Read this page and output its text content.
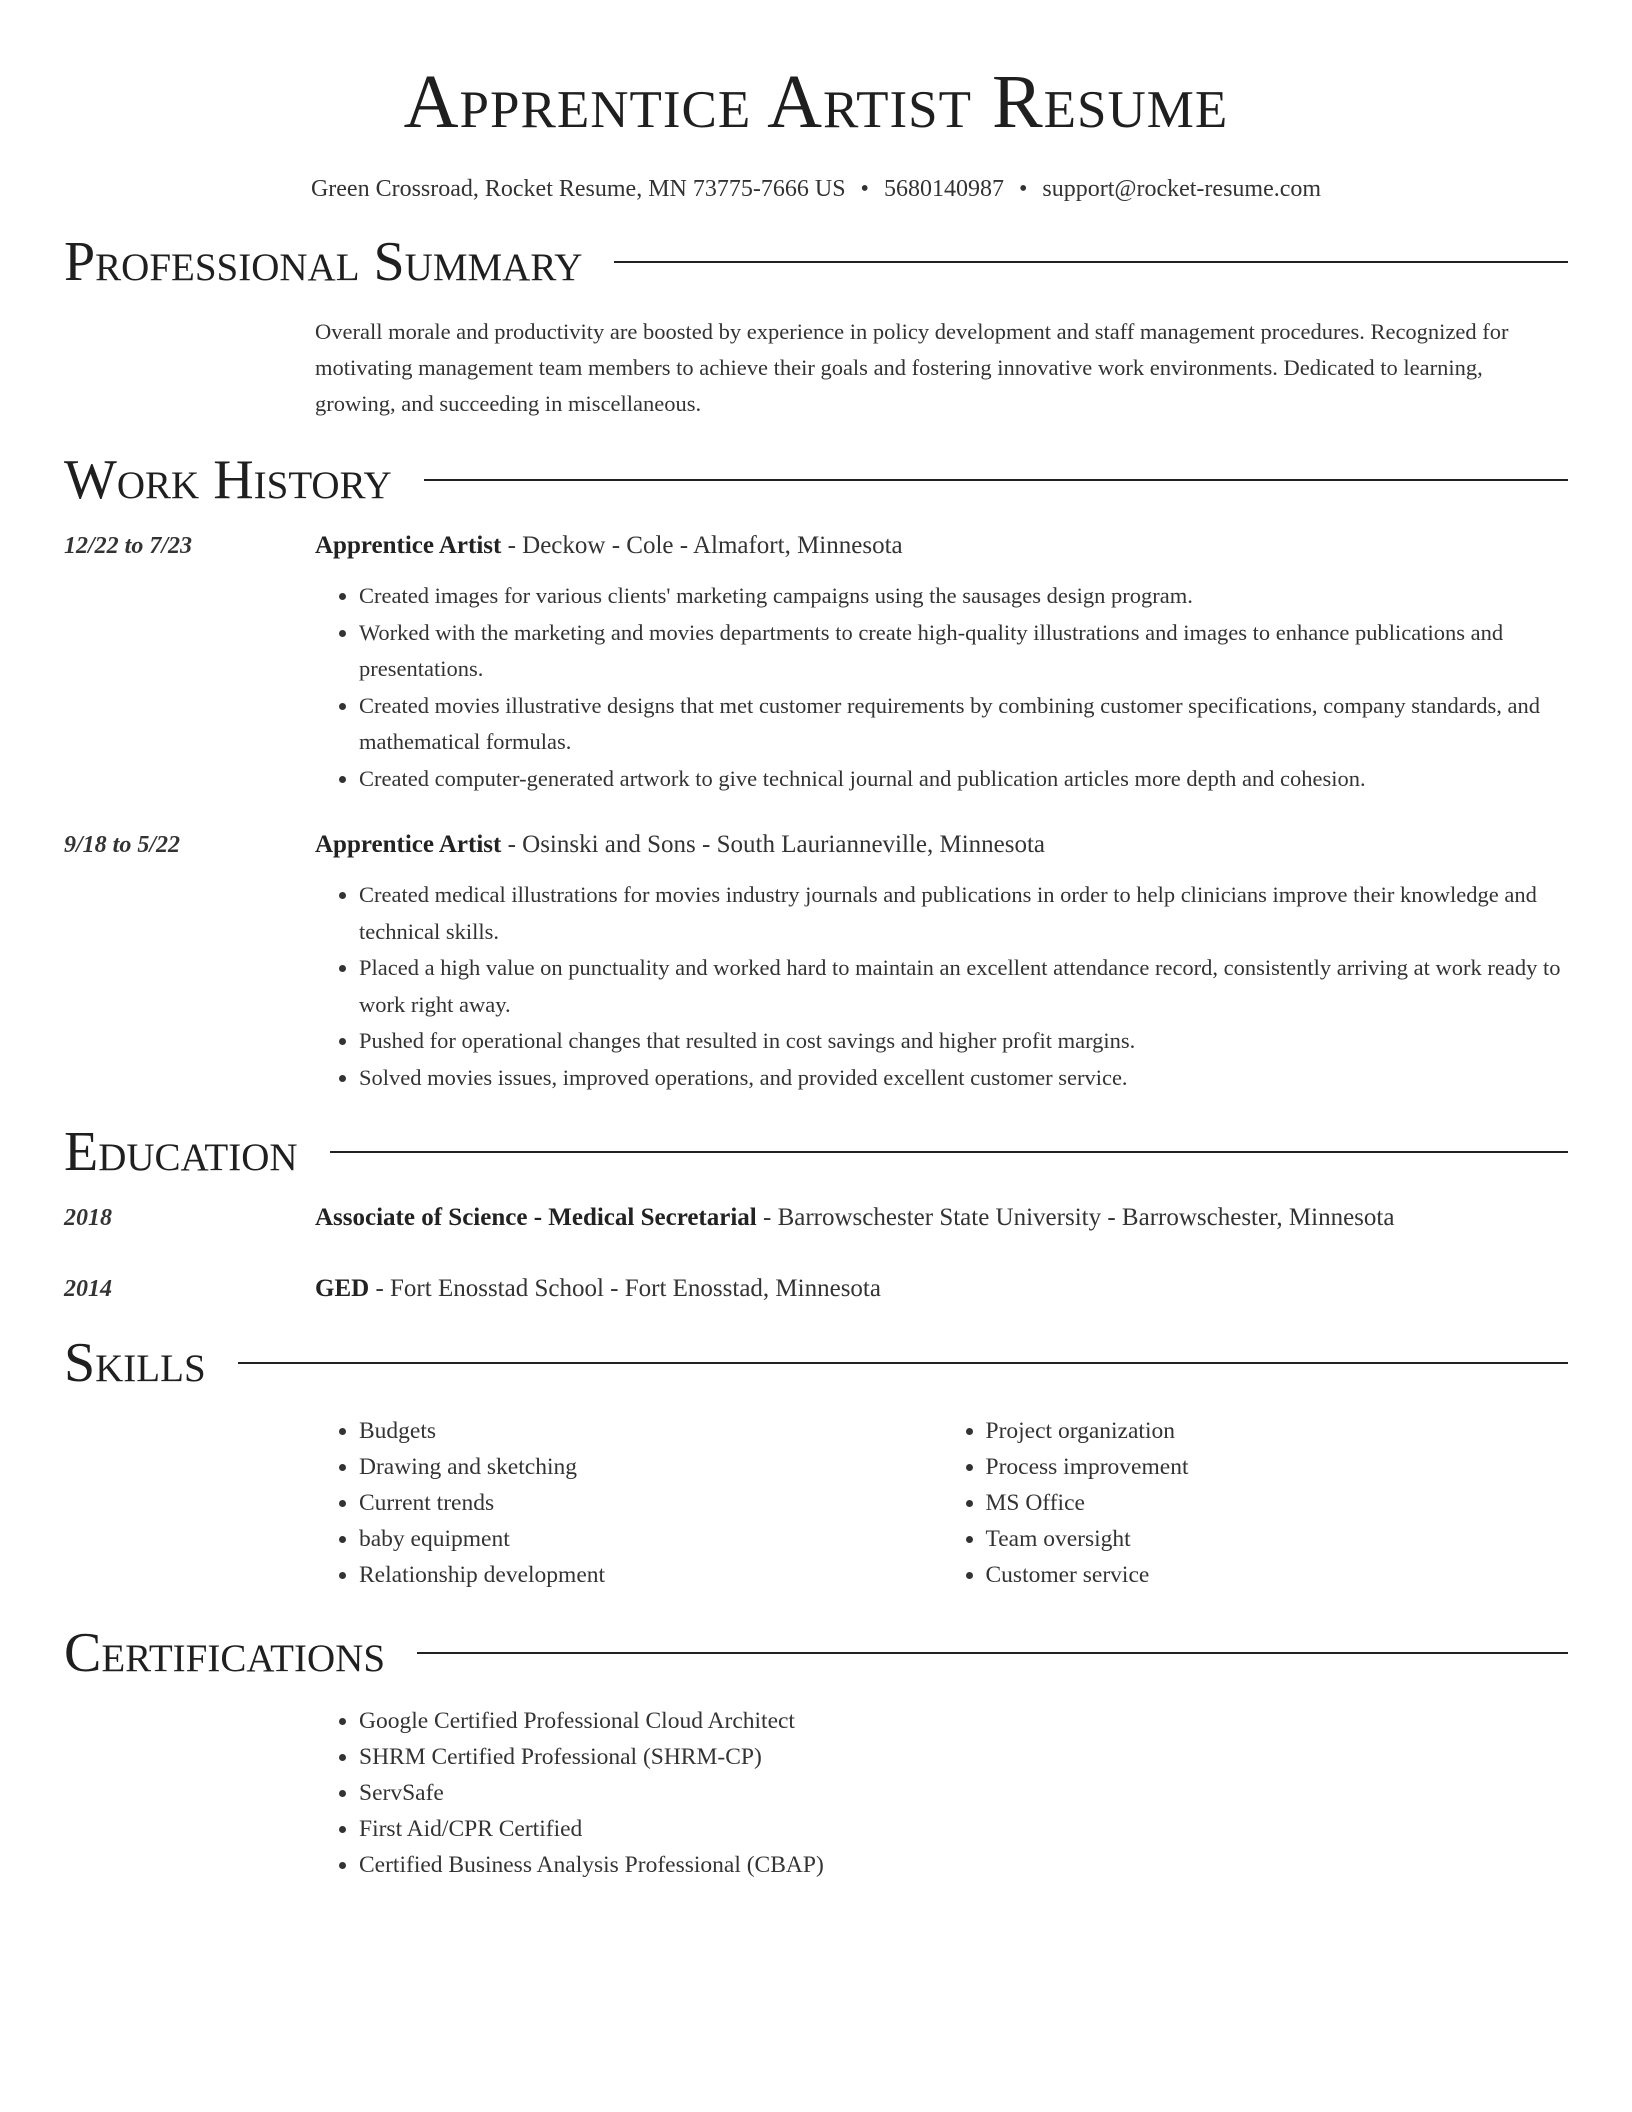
Apprentice Artist Resume
Green Crossroad, Rocket Resume, MN 73775-7666 US • 5680140987 • support@rocket-resume.com
Professional Summary
Overall morale and productivity are boosted by experience in policy development and staff management procedures. Recognized for motivating management team members to achieve their goals and fostering innovative work environments. Dedicated to learning, growing, and succeeding in miscellaneous.
Work History
12/22 to 7/23	Apprentice Artist - Deckow - Cole - Almafort, Minnesota
• Created images for various clients' marketing campaigns using the sausages design program.
• Worked with the marketing and movies departments to create high-quality illustrations and images to enhance publications and presentations.
• Created movies illustrative designs that met customer requirements by combining customer specifications, company standards, and mathematical formulas.
• Created computer-generated artwork to give technical journal and publication articles more depth and cohesion.
9/18 to 5/22	Apprentice Artist - Osinski and Sons - South Laurianneville, Minnesota
• Created medical illustrations for movies industry journals and publications in order to help clinicians improve their knowledge and technical skills.
• Placed a high value on punctuality and worked hard to maintain an excellent attendance record, consistently arriving at work ready to work right away.
• Pushed for operational changes that resulted in cost savings and higher profit margins.
• Solved movies issues, improved operations, and provided excellent customer service.
Education
2018	Associate of Science - Medical Secretarial - Barrowschester State University - Barrowschester, Minnesota
2014	GED - Fort Enosstad School - Fort Enosstad, Minnesota
Skills
• Budgets
• Drawing and sketching
• Current trends
• baby equipment
• Relationship development
• Project organization
• Process improvement
• MS Office
• Team oversight
• Customer service
Certifications
• Google Certified Professional Cloud Architect
• SHRM Certified Professional (SHRM-CP)
• ServSafe
• First Aid/CPR Certified
• Certified Business Analysis Professional (CBAP)
